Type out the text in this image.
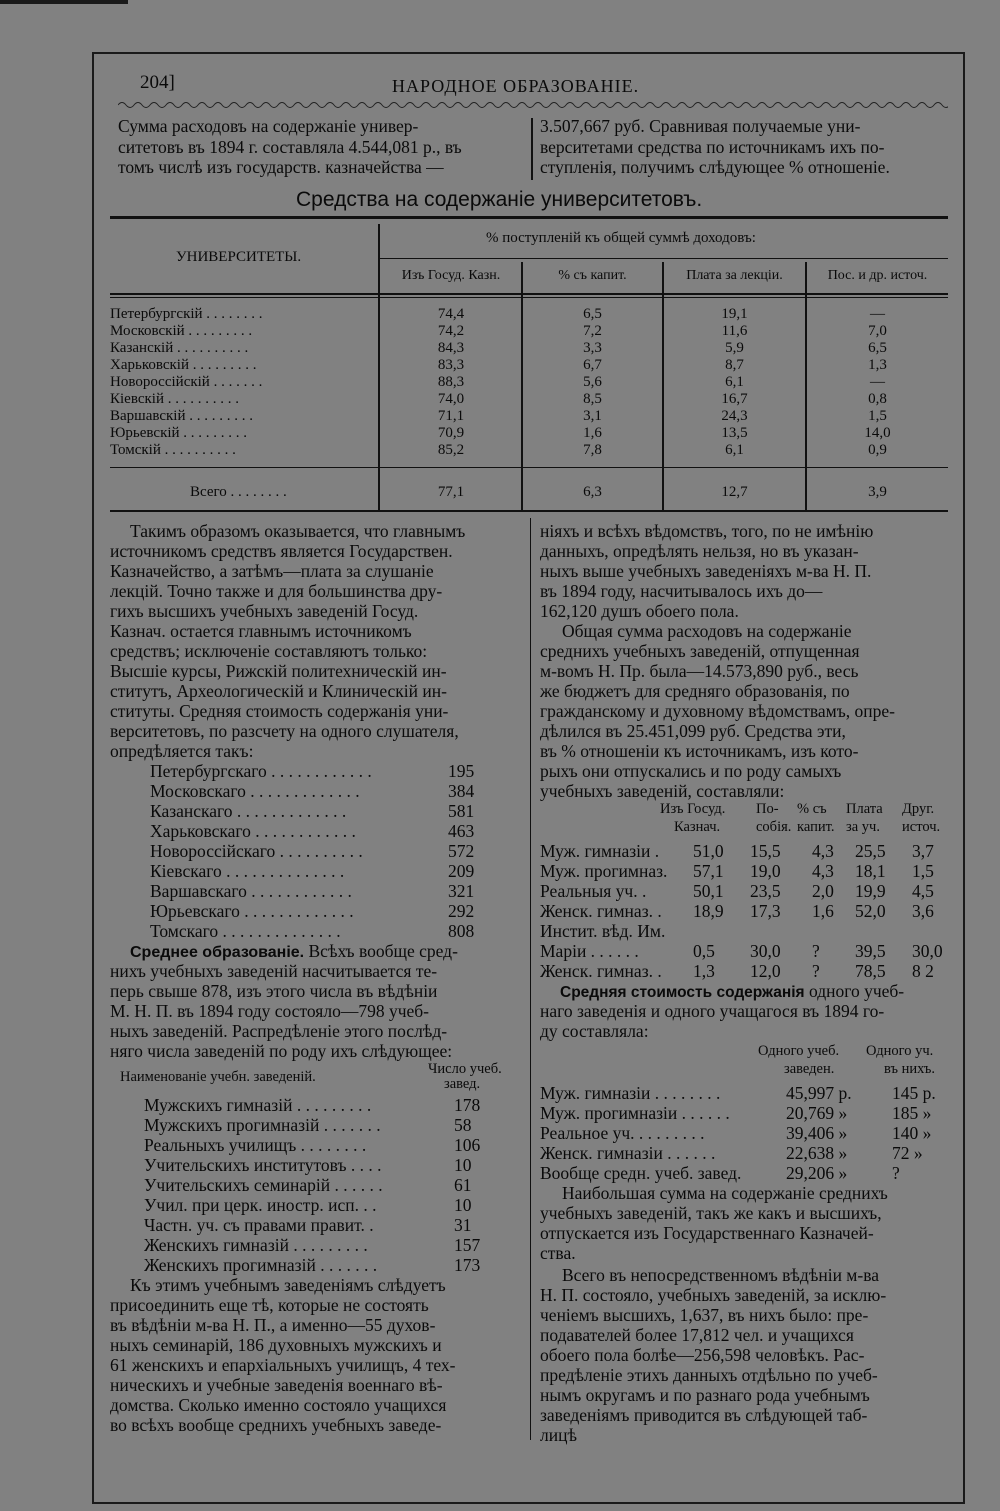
204]	НАРОДНОЕ ОБРАЗОВАНІЕ.
Сумма расходовъ на содержаніе универ-
ситетовъ въ 1894 г. составляла 4.544,081 р., въ
томъ числѣ изъ государств. казначейства —
3.507,667 руб. Сравнивая получаемые уни-
верситетами средства по источникамъ ихъ по-
ступленія, получимъ слѣдующее % отношеніе.
Средства на содержаніе университетовъ.
УНИВЕРСИТЕТЫ.
% поступленій къ общей суммѣ доходовъ:
Изъ Госуд. Казн.	% съ капит.	Плата за лекціи.	Пос. и др. источ.
Петербургскій . . . . . . . .	74,4	6,5	19,1	—
Московскій . . . . . . . . .	74,2	7,2	11,6	7,0
Казанскій . . . . . . . . . .	84,3	3,3	5,9	6,5
Харьковскій . . . . . . . . .	83,3	6,7	8,7	1,3
Новороссійскій . . . . . . .	88,3	5,6	6,1	—
Кіевскій . . . . . . . . . .	74,0	8,5	16,7	0,8
Варшавскій . . . . . . . . .	71,1	3,1	24,3	1,5
Юрьевскій . . . . . . . . .	70,9	1,6	13,5	14,0
Томскій . . . . . . . . . .	85,2	7,8	6,1	0,9
Всего . . . . . . . .	77,1	6,3	12,7	3,9
Такимъ образомъ оказывается, что главнымъ
источникомъ средствъ является Государствен.
Казначейство, а затѣмъ—плата за слушаніе
лекцій. Точно также и для большинства дру-
гихъ высшихъ учебныхъ заведеній Госуд.
Казнач. остается главнымъ источникомъ
средствъ; исключеніе составляютъ только:
Высшіе курсы, Рижскій политехническій ин-
ститутъ, Археологическій и Клиническій ин-
ституты. Средняя стоимость содержанія уни-
верситетовъ, по разсчету на одного слушателя,
опредѣляется такъ:
Петербургскаго . . . . . . . . . . . .	195
Московскаго . . . . . . . . . . . . .	384
Казанскаго . . . . . . . . . . . . .	581
Харьковскаго . . . . . . . . . . . .	463
Новороссійскаго . . . . . . . . . .	572
Кіевскаго . . . . . . . . . . . . . .	209
Варшавскаго . . . . . . . . . . . .	321
Юрьевскаго . . . . . . . . . . . . .	292
Томскаго . . . . . . . . . . . . . .	808
Среднее образованіе. Всѣхъ вообще сред-
нихъ учебныхъ заведеній насчитывается те-
перь свыше 878, изъ этого числа въ вѣдѣніи
М. Н. П. въ 1894 году состояло—798 учеб-
ныхъ заведеній. Распредѣленіе этого послѣд-
няго числа заведеній по роду ихъ слѣдующее:
Наименованіе учебн. заведеній.	Число учеб.
завед.
Мужскихъ гимназій . . . . . . . . .	178
Мужскихъ прогимназій . . . . . . .	58
Реальныхъ училищъ . . . . . . . .	106
Учительскихъ институтовъ . . . .	10
Учительскихъ семинарій . . . . . .	61
Учил. при церк. иностр. исп. . .	10
Частн. уч. съ правами правит. .	31
Женскихъ гимназій . . . . . . . . .	157
Женскихъ прогимназій . . . . . . .	173
Къ этимъ учебнымъ заведеніямъ слѣдуетъ
присоединить еще тѣ, которые не состоять
въ вѣдѣніи м-ва Н. П., а именно—55 духов-
ныхъ семинарій, 186 духовныхъ мужскихъ и
61 женскихъ и епархіальныхъ училищъ, 4 тех-
ническихъ и учебные заведенія военнаго вѣ-
домства. Сколько именно состояло учащихся
во всѣхъ вообще среднихъ учебныхъ заведе-
ніяхъ и всѣхъ вѣдомствъ, того, по не имѣнію
данныхъ, опредѣлять нельзя, но въ указан-
ныхъ выше учебныхъ заведеніяхъ м-ва Н. П.
въ 1894 году, насчитывалось ихъ до—
162,120 душъ обоего пола.
Общая сумма расходовъ на содержаніе
среднихъ учебныхъ заведеній, отпущенная
м-вомъ Н. Пр. была—14.573,890 руб., весь
же бюджетъ для средняго образованія, по
гражданскому и духовному вѣдомствамъ, опре-
дѣлился въ 25.451,099 руб. Средства эти,
въ % отношеніи къ источникамъ, изъ кото-
рыхъ они отпускались и по роду самыхъ
учебныхъ заведеній, составляли:
Изъ Госуд.
Казнач.
По-
собія.
% съ
капит.
Плата
за уч.
Друг.
источ.
Муж. гимназіи . 51,0 15,5 4,3 25,5 3,7
Муж. прогимназ. 57,1 19,0 4,3 18,1 1,5
Реальныя уч. .	50,1 23,5 2,0 19,9 4,5
Женск. гимназ. . 18,9 17,3 1,6 52,0 3,6
Инстит. вѣд. Им.
Маріи . . . . . .	0,5 30,0 ? 39,5 30,0
Женск. гимназ. . 1,3 12,0 ? 78,5 8 2
Средняя стоимость содержанія одного учеб-
наго заведенія и одного учащагося въ 1894 го-
ду составляла:
Одного учеб.
заведен.
Одного уч.
въ нихъ.
Муж. гимназіи . . . . . . . .	45,997 р. 145 р.
Муж. прогимназіи . . . . . .	20,769 »	185 »
Реальное уч. . . . . . . . .	39,406 »	140 »
Женск. гимназіи . . . . . .	22,638 »	72 »
Вообще средн. учеб. завед.	29,206 »	?
Наибольшая сумма на содержаніе среднихъ
учебныхъ заведеній, такъ же какъ и высшихъ,
отпускается изъ Государственнаго Казначей-
ства.
Всего въ непосредственномъ вѣдѣніи м-ва
Н. П. состояло, учебныхъ заведеній, за исклю-
ченіемъ высшихъ, 1,637, въ нихъ было: пре-
подавателей более 17,812 чел. и учащихся
обоего пола болѣе—256,598 человѣкъ. Рас-
предѣленіе этихъ данныхъ отдѣльно по учеб-
нымъ округамъ и по разнаго рода учебнымъ
заведеніямъ приводится въ слѣдующей таб-
лицѣ
